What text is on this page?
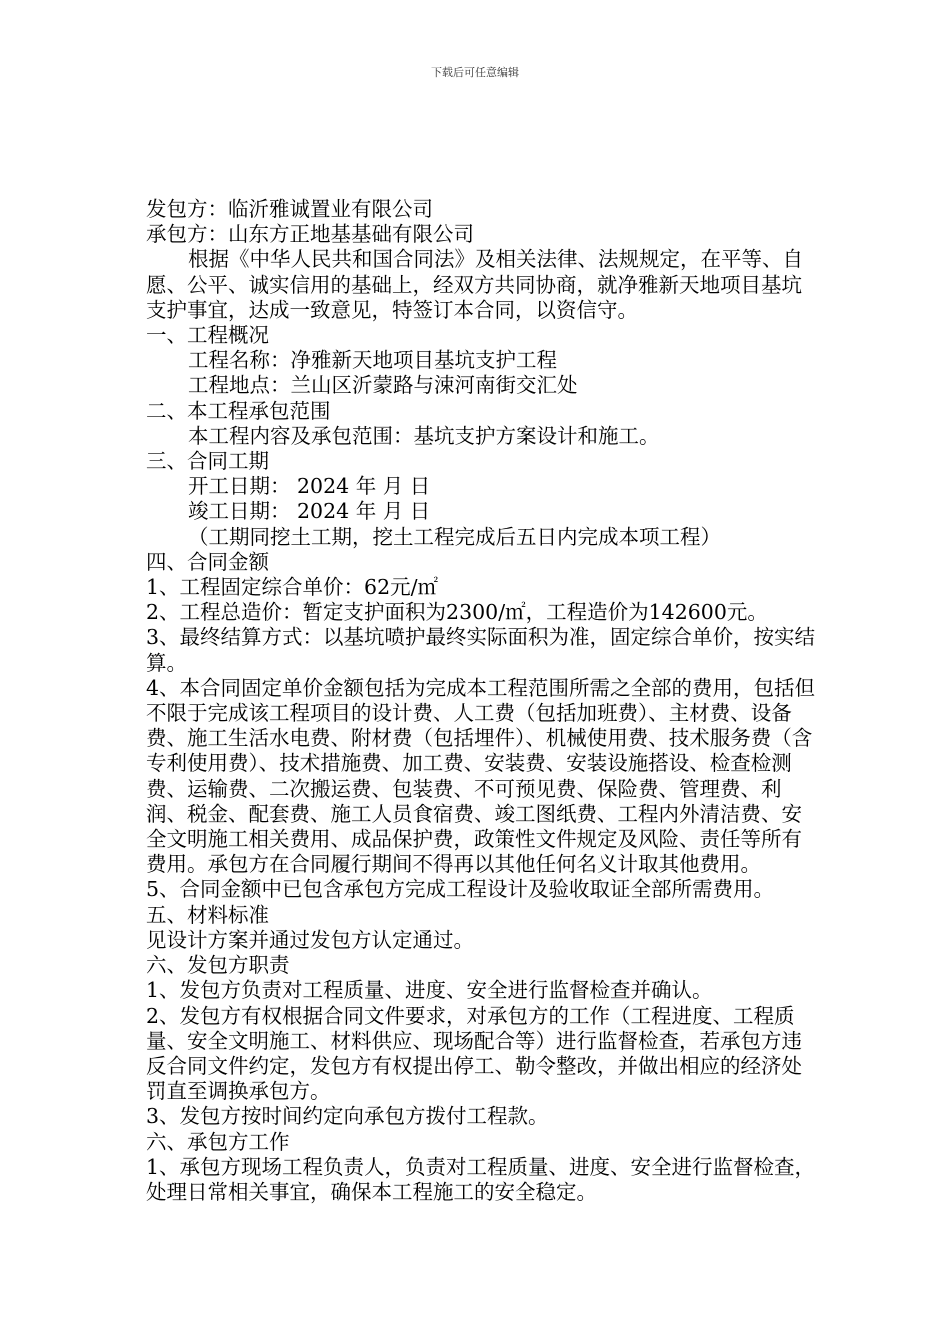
下载后可任意编辑

发包方：临沂雅诚置业有限公司

承包方：山东方正地基基础有限公司

根据《中华人民共和国合同法》及相关法律、法规规定，在平等、自愿、公平、诚实信用的基础上，经双方共同协商，就净雅新天地项目基坑支护事宜，达成一致意见，特签订本合同，以资信守。

一、工程概况

工程名称：净雅新天地项目基坑支护工程

工程地点：兰山区沂蒙路与涑河南街交汇处

二、本工程承包范围

本工程内容及承包范围：基坑支护方案设计和施工。

三、合同工期

开工日期： 2024 年 月 日

竣工日期： 2024 年 月 日

（工期同挖土工期，挖土工程完成后五日内完成本项工程）

四、合同金额

1、工程固定综合单价：62元/㎡

2、工程总造价：暂定支护面积为2300/㎡，工程造价为142600元。

3、最终结算方式：以基坑喷护最终实际面积为准，固定综合单价，按实结算。

4、本合同固定单价金额包括为完成本工程范围所需之全部的费用，包括但不限于完成该工程项目的设计费、人工费（包括加班费）、主材费、设备费、施工生活水电费、附材费（包括埋件）、机械使用费、技术服务费（含专利使用费）、技术措施费、加工费、安装费、安装设施搭设、检查检测费、运输费、二次搬运费、包装费、不可预见费、保险费、管理费、利润、税金、配套费、施工人员食宿费、竣工图纸费、工程内外清洁费、安全文明施工相关费用、成品保护费，政策性文件规定及风险、责任等所有费用。承包方在合同履行期间不得再以其他任何名义计取其他费用。

5、合同金额中已包含承包方完成工程设计及验收取证全部所需费用。

五、材料标准

见设计方案并通过发包方认定通过。

六、发包方职责

1、发包方负责对工程质量、进度、安全进行监督检查并确认。

2、发包方有权根据合同文件要求，对承包方的工作（工程进度、工程质量、安全文明施工、材料供应、现场配合等）进行监督检查，若承包方违反合同文件约定，发包方有权提出停工、勒令整改，并做出相应的经济处罚直至调换承包方。

3、发包方按时间约定向承包方拨付工程款。

六、承包方工作

1、承包方现场工程负责人，负责对工程质量、进度、安全进行监督检查，处理日常相关事宜，确保本工程施工的安全稳定。
